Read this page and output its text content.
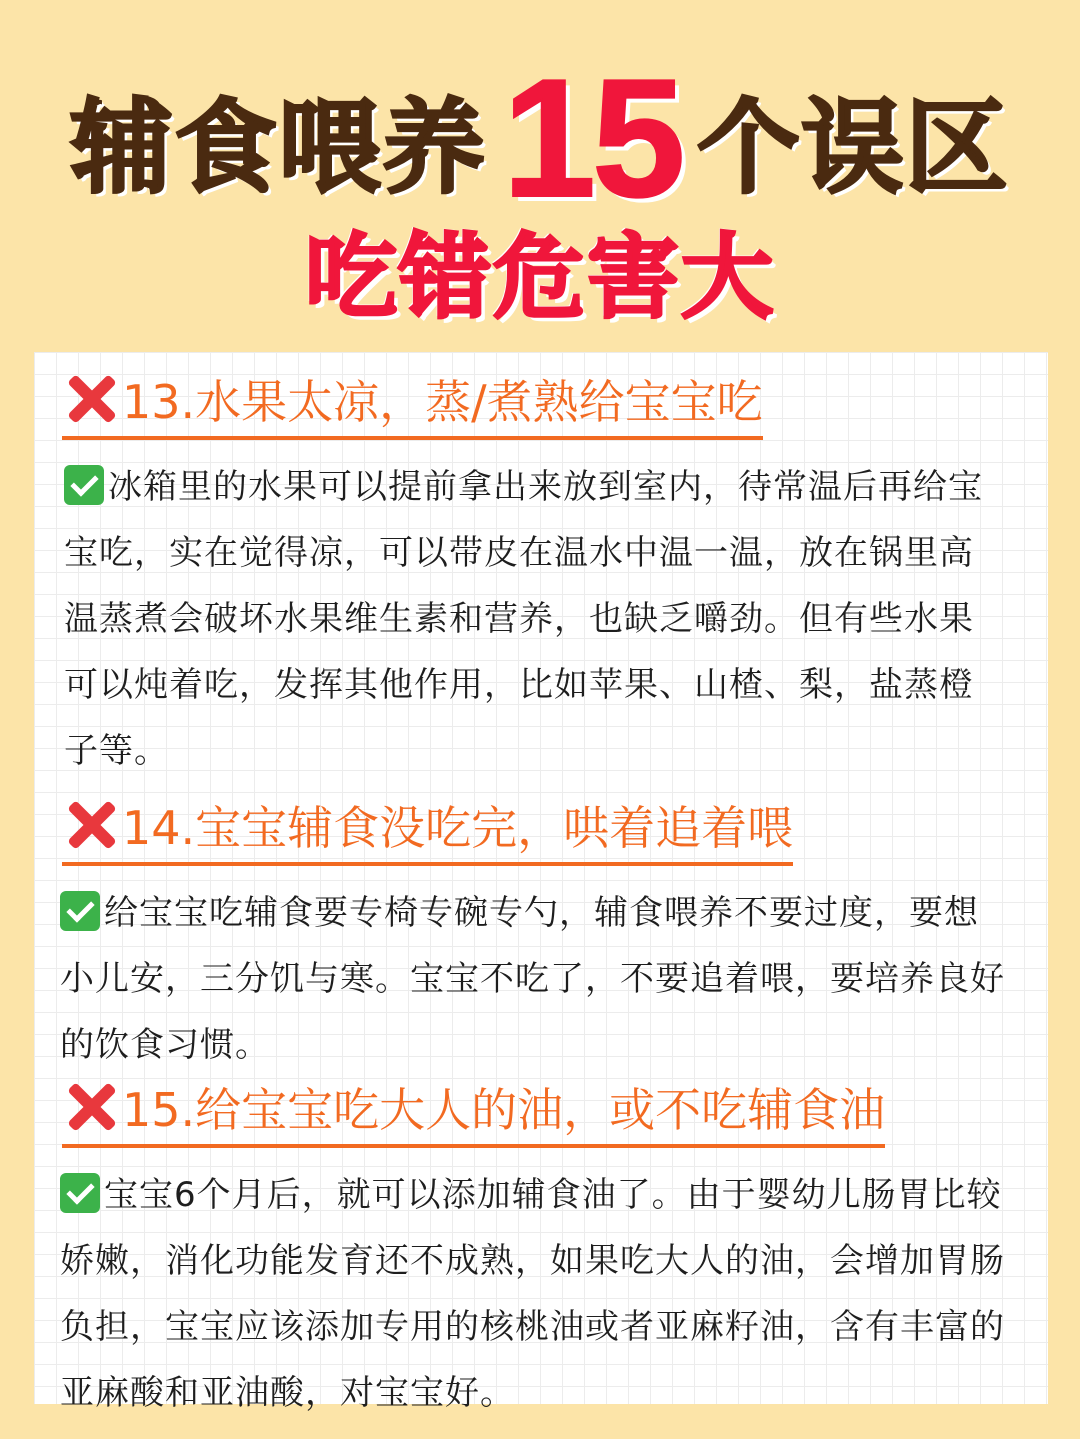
辅食喂养 15 个误区
吃错危害大
13.水果太凉，蒸/煮熟给宝宝吃
冰箱里的水果可以提前拿出来放到室内，待常温后再给宝宝吃，实在觉得凉，可以带皮在温水中温一温，放在锅里高温蒸煮会破坏水果维生素和营养，也缺乏嚼劲。但有些水果可以炖着吃，发挥其他作用，比如苹果、山楂、梨，盐蒸橙子等。
14.宝宝辅食没吃完，哄着追着喂
给宝宝吃辅食要专椅专碗专勺，辅食喂养不要过度，要想小儿安，三分饥与寒。宝宝不吃了，不要追着喂，要培养良好的饮食习惯。
15.给宝宝吃大人的油，或不吃辅食油
宝宝6个月后，就可以添加辅食油了。由于婴幼儿肠胃比较娇嫩，消化功能发育还不成熟，如果吃大人的油，会增加胃肠负担，宝宝应该添加专用的核桃油或者亚麻籽油，含有丰富的亚麻酸和亚油酸，对宝宝好。
